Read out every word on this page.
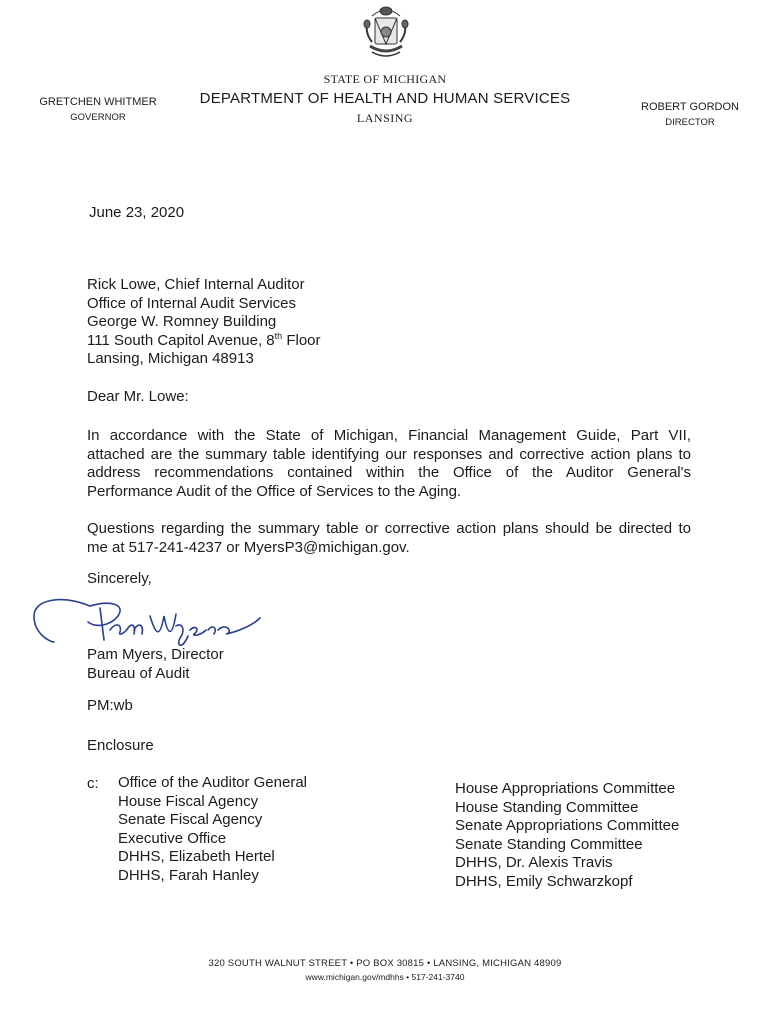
STATE OF MICHIGAN
DEPARTMENT OF HEALTH AND HUMAN SERVICES
LANSING
GRETCHEN WHITMER
GOVERNOR
ROBERT GORDON
DIRECTOR
June 23, 2020
Rick Lowe, Chief Internal Auditor
Office of Internal Audit Services
George W. Romney Building
111 South Capitol Avenue, 8th Floor
Lansing, Michigan 48913
Dear Mr. Lowe:
In accordance with the State of Michigan, Financial Management Guide, Part VII,
attached are the summary table identifying our responses and corrective action plans to
address recommendations contained within the Office of the Auditor General's
Performance Audit of the Office of Services to the Aging.
Questions regarding the summary table or corrective action plans should be directed to
me at 517-241-4237 or MyersP3@michigan.gov.
Sincerely,
Pam Myers, Director
Bureau of Audit
PM:wb
Enclosure
c: Office of the Auditor General
House Fiscal Agency
Senate Fiscal Agency
Executive Office
DHHS, Elizabeth Hertel
DHHS, Farah Hanley
House Appropriations Committee
House Standing Committee
Senate Appropriations Committee
Senate Standing Committee
DHHS, Dr. Alexis Travis
DHHS, Emily Schwarzkopf
320 SOUTH WALNUT STREET • PO BOX 30815 • LANSING, MICHIGAN 48909
www.michigan.gov/mdhhs • 517-241-3740
